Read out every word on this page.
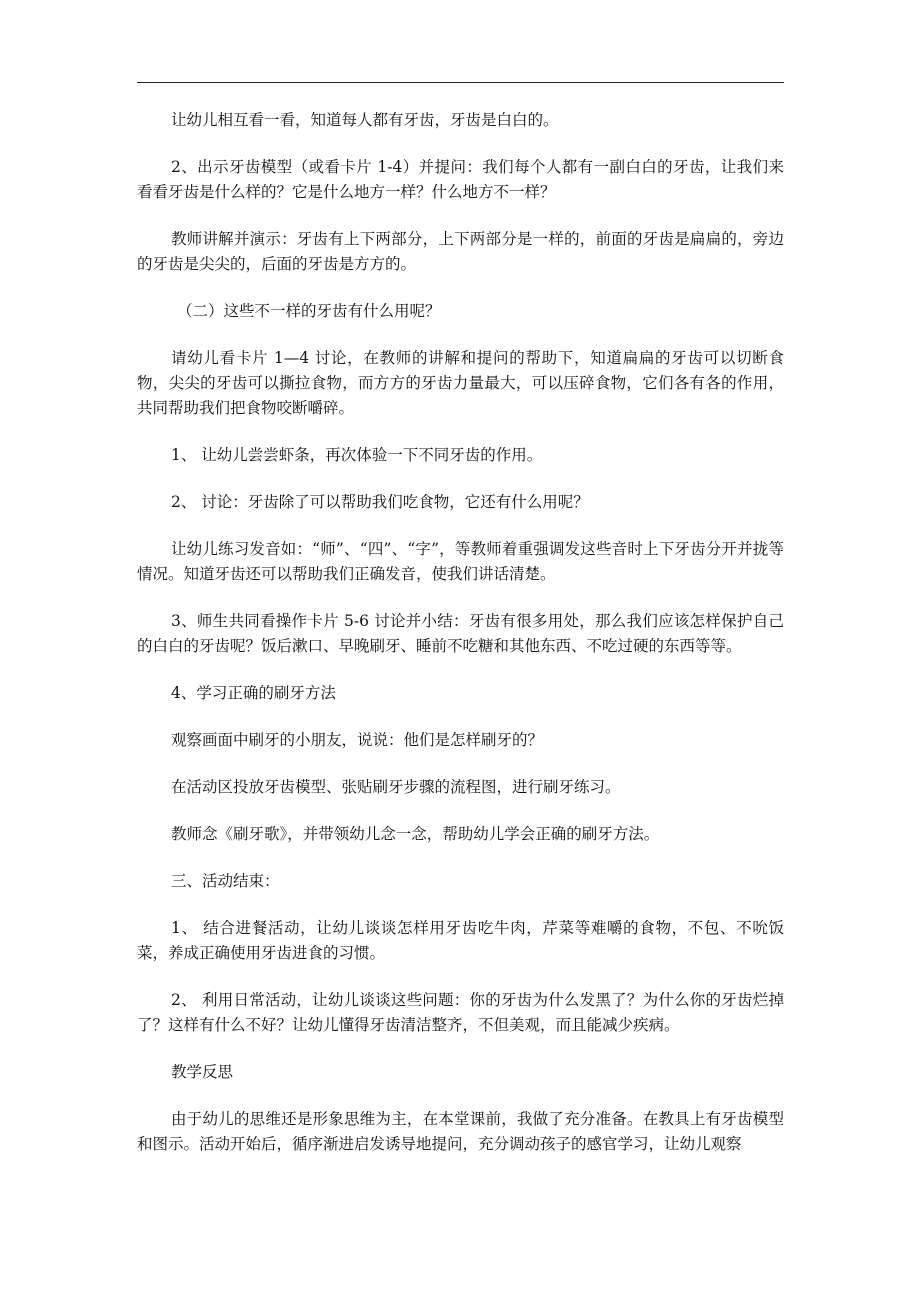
让幼儿相互看一看，知道每人都有牙齿，牙齿是白白的。

2、出示牙齿模型（或看卡片 1-4）并提问：我们每个人都有一副白白的牙齿，让我们来看看牙齿是什么样的？它是什么地方一样？什么地方不一样？

教师讲解并演示：牙齿有上下两部分，上下两部分是一样的，前面的牙齿是扁扁的，旁边的牙齿是尖尖的，后面的牙齿是方方的。

（二）这些不一样的牙齿有什么用呢？

请幼儿看卡片 1—4 讨论，在教师的讲解和提问的帮助下，知道扁扁的牙齿可以切断食物，尖尖的牙齿可以撕拉食物，而方方的牙齿力量最大，可以压碎食物，它们各有各的作用，共同帮助我们把食物咬断嚼碎。

1、 让幼儿尝尝虾条，再次体验一下不同牙齿的作用。

2、 讨论：牙齿除了可以帮助我们吃食物，它还有什么用呢？

让幼儿练习发音如：“师”、“四”、“字”，等教师着重强调发这些音时上下牙齿分开并拢等情况。知道牙齿还可以帮助我们正确发音，使我们讲话清楚。

3、师生共同看操作卡片 5-6 讨论并小结：牙齿有很多用处，那么我们应该怎样保护自己的白白的牙齿呢？饭后漱口、早晚刷牙、睡前不吃糖和其他东西、不吃过硬的东西等等。

4、学习正确的刷牙方法

观察画面中刷牙的小朋友，说说：他们是怎样刷牙的？

在活动区投放牙齿模型、张贴刷牙步骤的流程图，进行刷牙练习。

教师念《刷牙歌》，并带领幼儿念一念，帮助幼儿学会正确的刷牙方法。

三、活动结束：

1、 结合进餐活动，让幼儿谈谈怎样用牙齿吃牛肉，芹菜等难嚼的食物，不包、不吮饭菜，养成正确使用牙齿进食的习惯。

2、 利用日常活动，让幼儿谈谈这些问题：你的牙齿为什么发黑了？为什么你的牙齿烂掉了？这样有什么不好？让幼儿懂得牙齿清洁整齐，不但美观，而且能减少疾病。

教学反思

由于幼儿的思维还是形象思维为主，在本堂课前，我做了充分准备。在教具上有牙齿模型和图示。活动开始后，循序渐进启发诱导地提问，充分调动孩子的感官学习，让幼儿观察
